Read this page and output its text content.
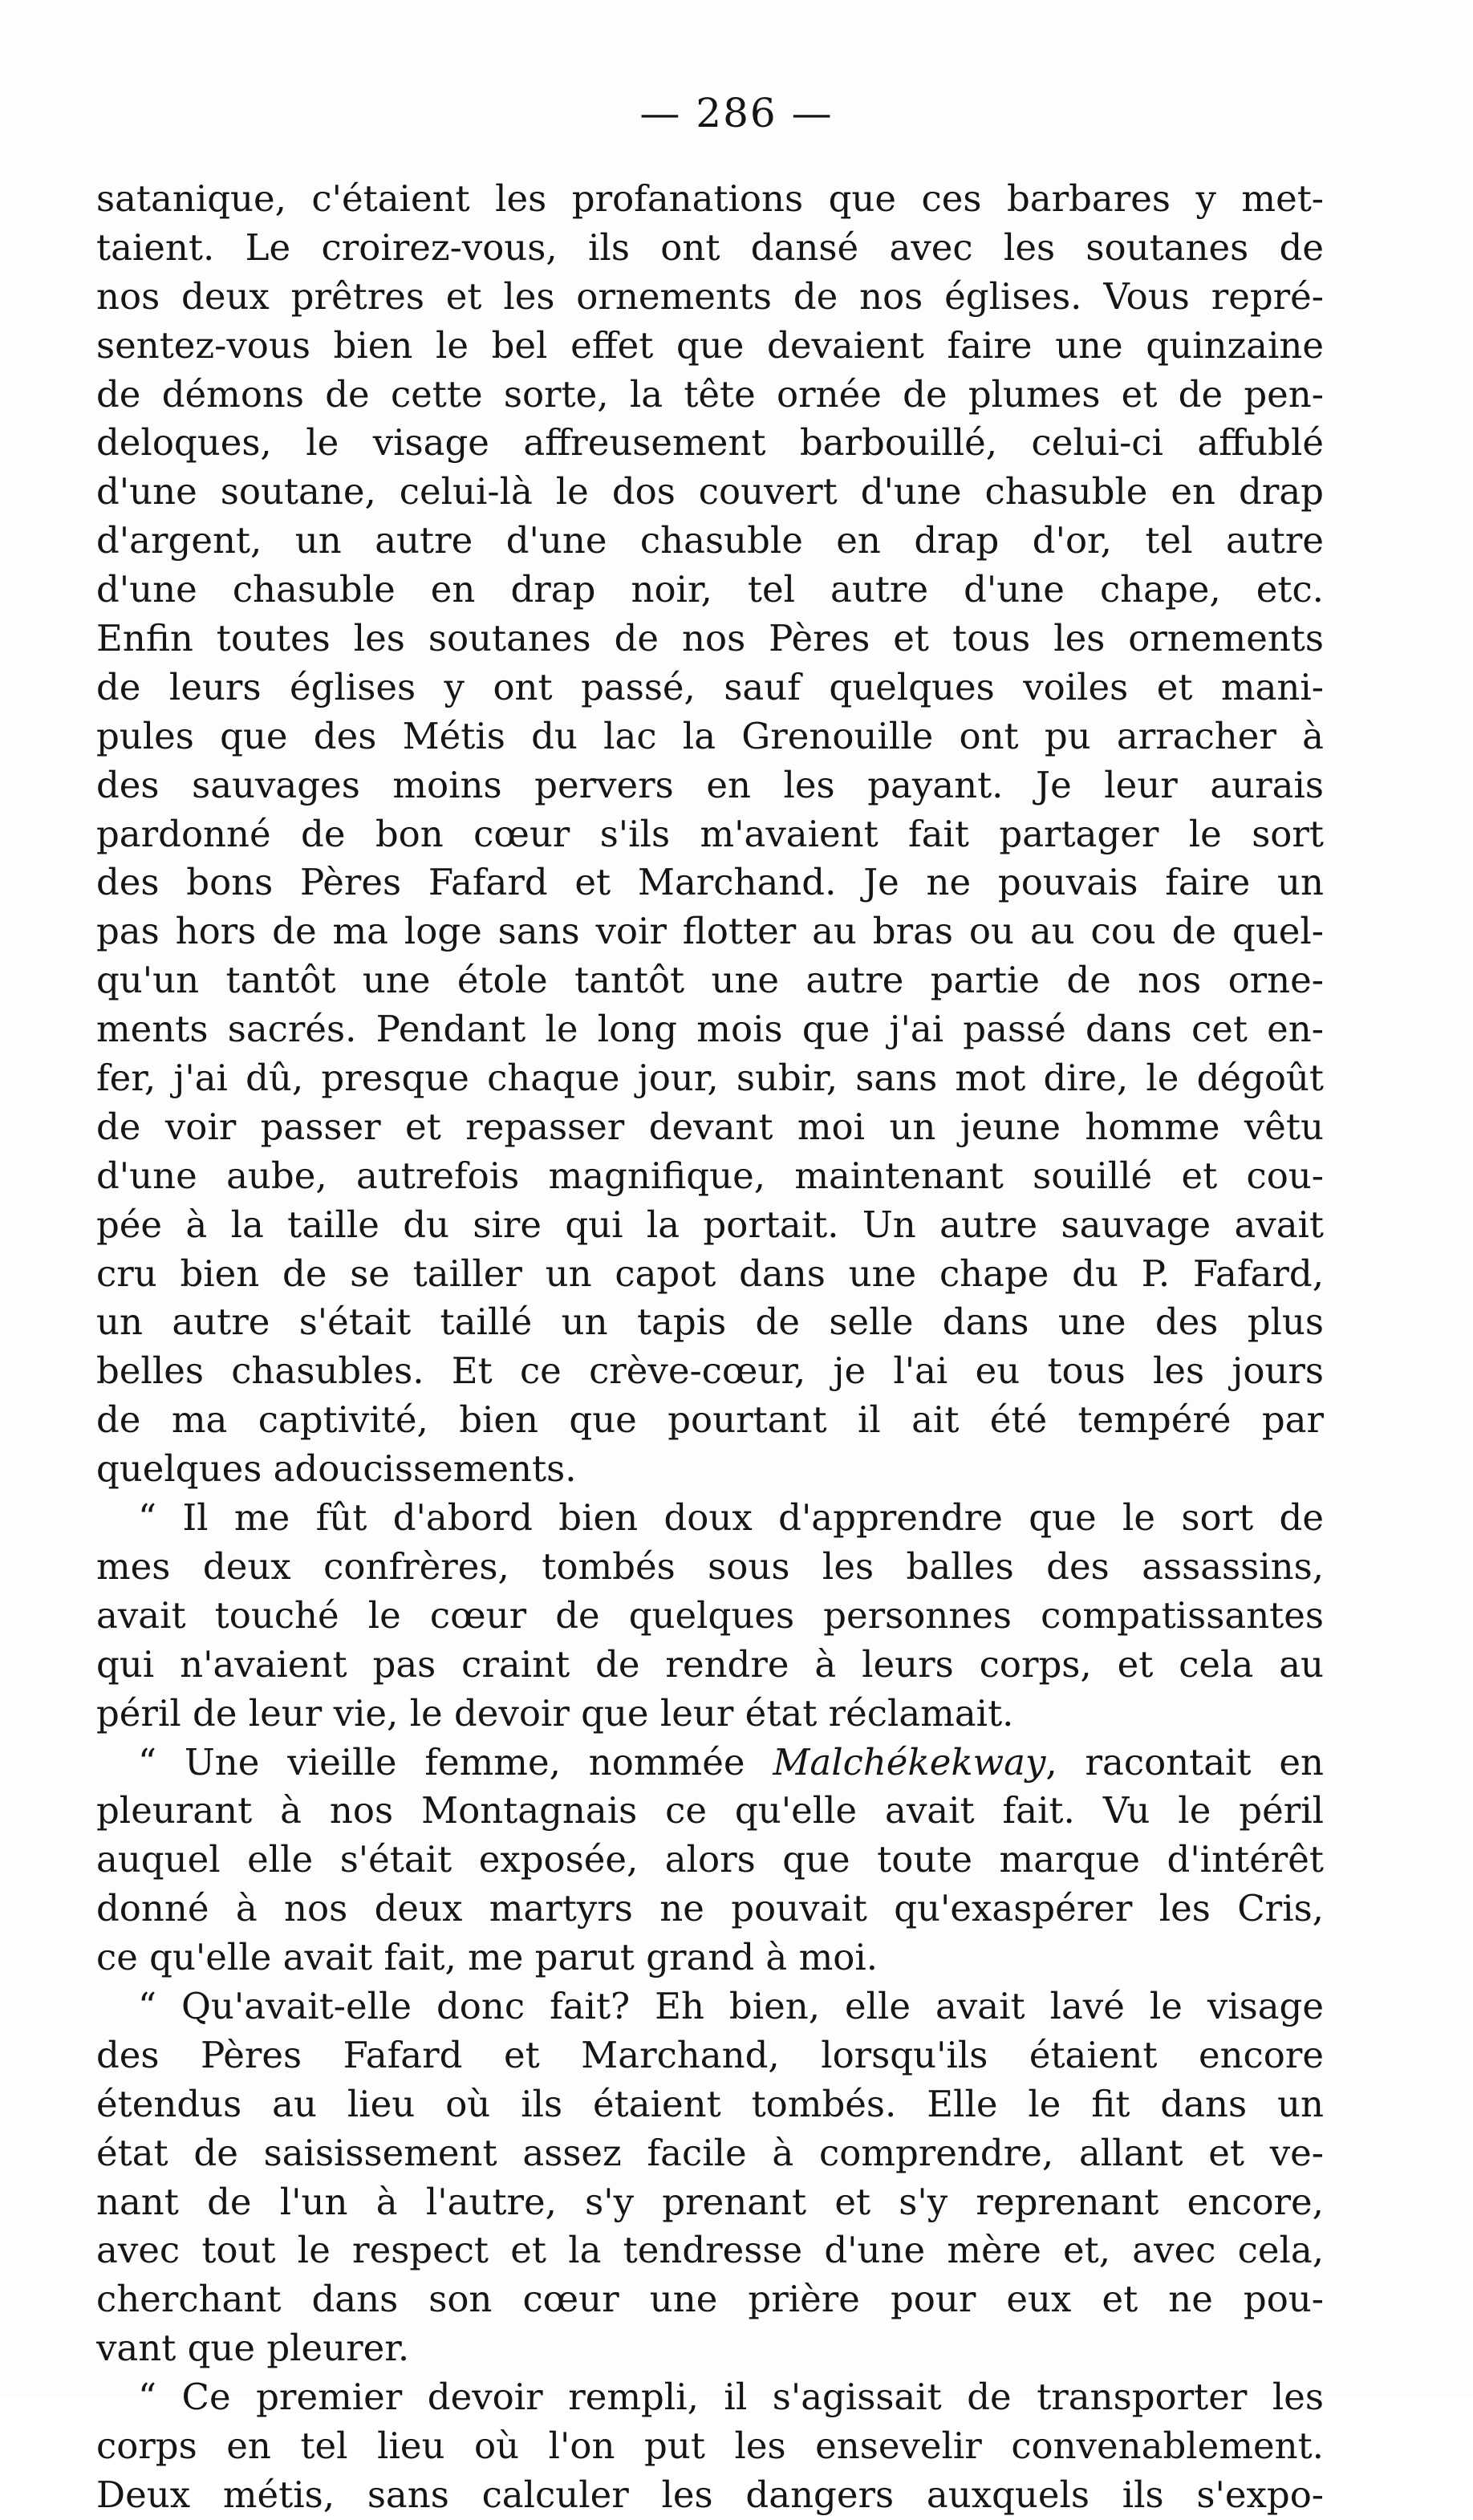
— 286 —
satanique, c'étaient les profanations que ces barbares y met-
taient. Le croirez-vous, ils ont dansé avec les soutanes de
nos deux prêtres et les ornements de nos églises. Vous repré-
sentez-vous bien le bel effet que devaient faire une quinzaine
de démons de cette sorte, la tête ornée de plumes et de pen-
deloques, le visage affreusement barbouillé, celui-ci affublé
d'une soutane, celui-là le dos couvert d'une chasuble en drap
d'argent, un autre d'une chasuble en drap d'or, tel autre
d'une chasuble en drap noir, tel autre d'une chape, etc.
Enfin toutes les soutanes de nos Pères et tous les ornements
de leurs églises y ont passé, sauf quelques voiles et mani-
pules que des Métis du lac la Grenouille ont pu arracher à
des sauvages moins pervers en les payant. Je leur aurais
pardonné de bon cœur s'ils m'avaient fait partager le sort
des bons Pères Fafard et Marchand. Je ne pouvais faire un
pas hors de ma loge sans voir flotter au bras ou au cou de quel-
qu'un tantôt une étole tantôt une autre partie de nos orne-
ments sacrés. Pendant le long mois que j'ai passé dans cet en-
fer, j'ai dû, presque chaque jour, subir, sans mot dire, le dégoût
de voir passer et repasser devant moi un jeune homme vêtu
d'une aube, autrefois magnifique, maintenant souillé et cou-
pée à la taille du sire qui la portait. Un autre sauvage avait
cru bien de se tailler un capot dans une chape du P. Fafard,
un autre s'était taillé un tapis de selle dans une des plus
belles chasubles. Et ce crève-cœur, je l'ai eu tous les jours
de ma captivité, bien que pourtant il ait été tempéré par
quelques adoucissements.
“ Il me fût d'abord bien doux d'apprendre que le sort de
mes deux confrères, tombés sous les balles des assassins,
avait touché le cœur de quelques personnes compatissantes
qui n'avaient pas craint de rendre à leurs corps, et cela au
péril de leur vie, le devoir que leur état réclamait.
“ Une vieille femme, nommée Malchékekway, racontait en
pleurant à nos Montagnais ce qu'elle avait fait. Vu le péril
auquel elle s'était exposée, alors que toute marque d'intérêt
donné à nos deux martyrs ne pouvait qu'exaspérer les Cris,
ce qu'elle avait fait, me parut grand à moi.
“ Qu'avait-elle donc fait? Eh bien, elle avait lavé le visage
des Pères Fafard et Marchand, lorsqu'ils étaient encore
étendus au lieu où ils étaient tombés. Elle le fit dans un
état de saisissement assez facile à comprendre, allant et ve-
nant de l'un à l'autre, s'y prenant et s'y reprenant encore,
avec tout le respect et la tendresse d'une mère et, avec cela,
cherchant dans son cœur une prière pour eux et ne pou-
vant que pleurer.
“ Ce premier devoir rempli, il s'agissait de transporter les
corps en tel lieu où l'on put les ensevelir convenablement.
Deux métis, sans calculer les dangers auxquels ils s'expo-
